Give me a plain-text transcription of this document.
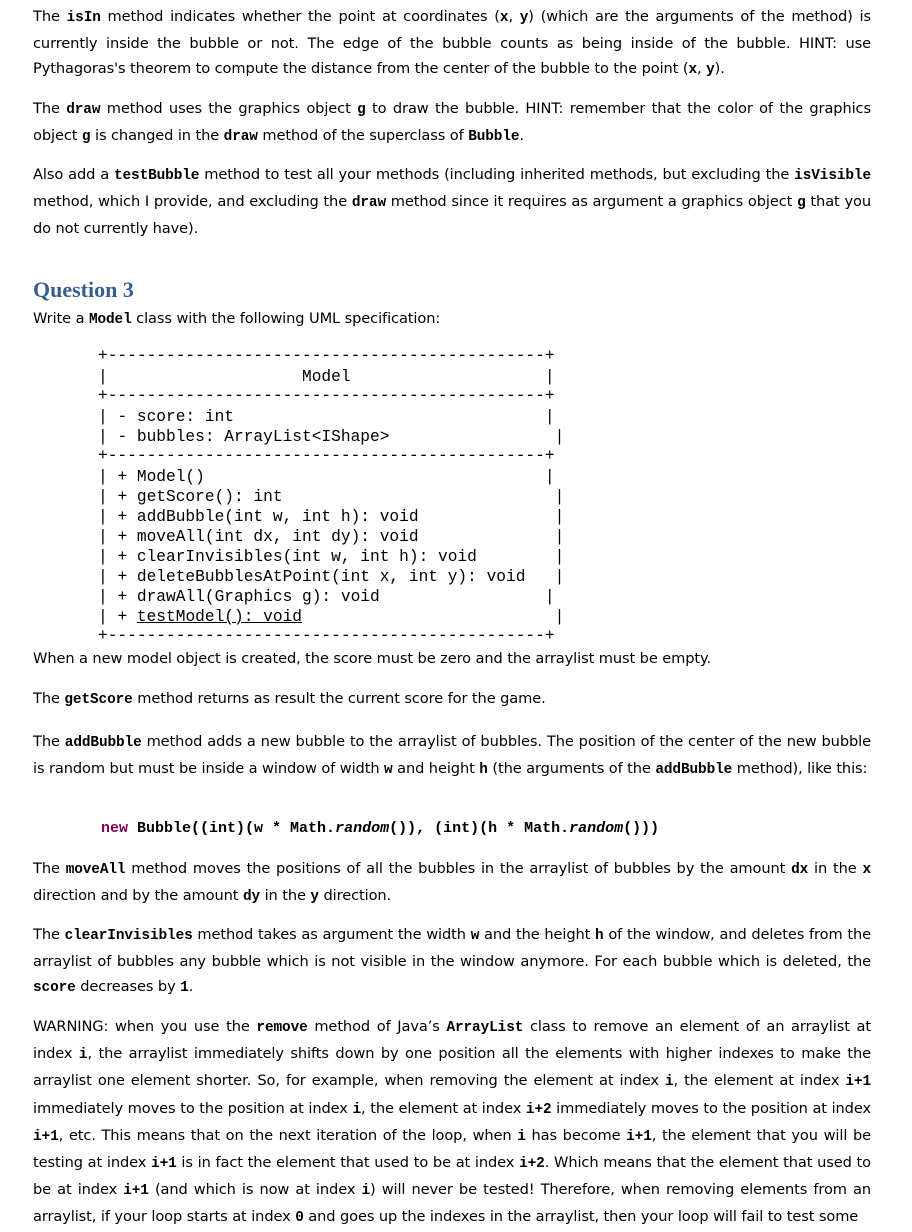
The isIn method indicates whether the point at coordinates (x, y) (which are the arguments of the method) is currently inside the bubble or not. The edge of the bubble counts as being inside of the bubble. HINT: use Pythagoras's theorem to compute the distance from the center of the bubble to the point (x, y).

The draw method uses the graphics object g to draw the bubble. HINT: remember that the color of the graphics object g is changed in the draw method of the superclass of Bubble.

Also add a testBubble method to test all your methods (including inherited methods, but excluding the isVisible method, which I provide, and excluding the draw method since it requires as argument a graphics object g that you do not currently have).

Question 3

Write a Model class with the following UML specification:

+---------------------------------------------+
|                    Model                    |
+---------------------------------------------+
| - score: int                                |
| - bubbles: ArrayList<IShape>                 |
+---------------------------------------------+
| + Model()                                   |
| + getScore(): int                            |
| + addBubble(int w, int h): void              |
| + moveAll(int dx, int dy): void              |
| + clearInvisibles(int w, int h): void        |
| + deleteBubblesAtPoint(int x, int y): void   |
| + drawAll(Graphics g): void                 |
| + testModel(): void                          |
+---------------------------------------------+

When a new model object is created, the score must be zero and the arraylist must be empty.

The getScore method returns as result the current score for the game.

The addBubble method adds a new bubble to the arraylist of bubbles. The position of the center of the new bubble is random but must be inside a window of width w and height h (the arguments of the addBubble method), like this:

new Bubble((int)(w * Math.random()), (int)(h * Math.random()))

The moveAll method moves the positions of all the bubbles in the arraylist of bubbles by the amount dx in the x direction and by the amount dy in the y direction.

The clearInvisibles method takes as argument the width w and the height h of the window, and deletes from the arraylist of bubbles any bubble which is not visible in the window anymore. For each bubble which is deleted, the score decreases by 1.

WARNING: when you use the remove method of Java’s ArrayList class to remove an element of an arraylist at index i, the arraylist immediately shifts down by one position all the elements with higher indexes to make the arraylist one element shorter. So, for example, when removing the element at index i, the element at index i+1 immediately moves to the position at index i, the element at index i+2 immediately moves to the position at index i+1, etc. This means that on the next iteration of the loop, when i has become i+1, the element that you will be testing at index i+1 is in fact the element that used to be at index i+2. Which means that the element that used to be at index i+1 (and which is now at index i) will never be tested! Therefore, when removing elements from an arraylist, if your loop starts at index 0 and goes up the indexes in the arraylist, then your loop will fail to test some
